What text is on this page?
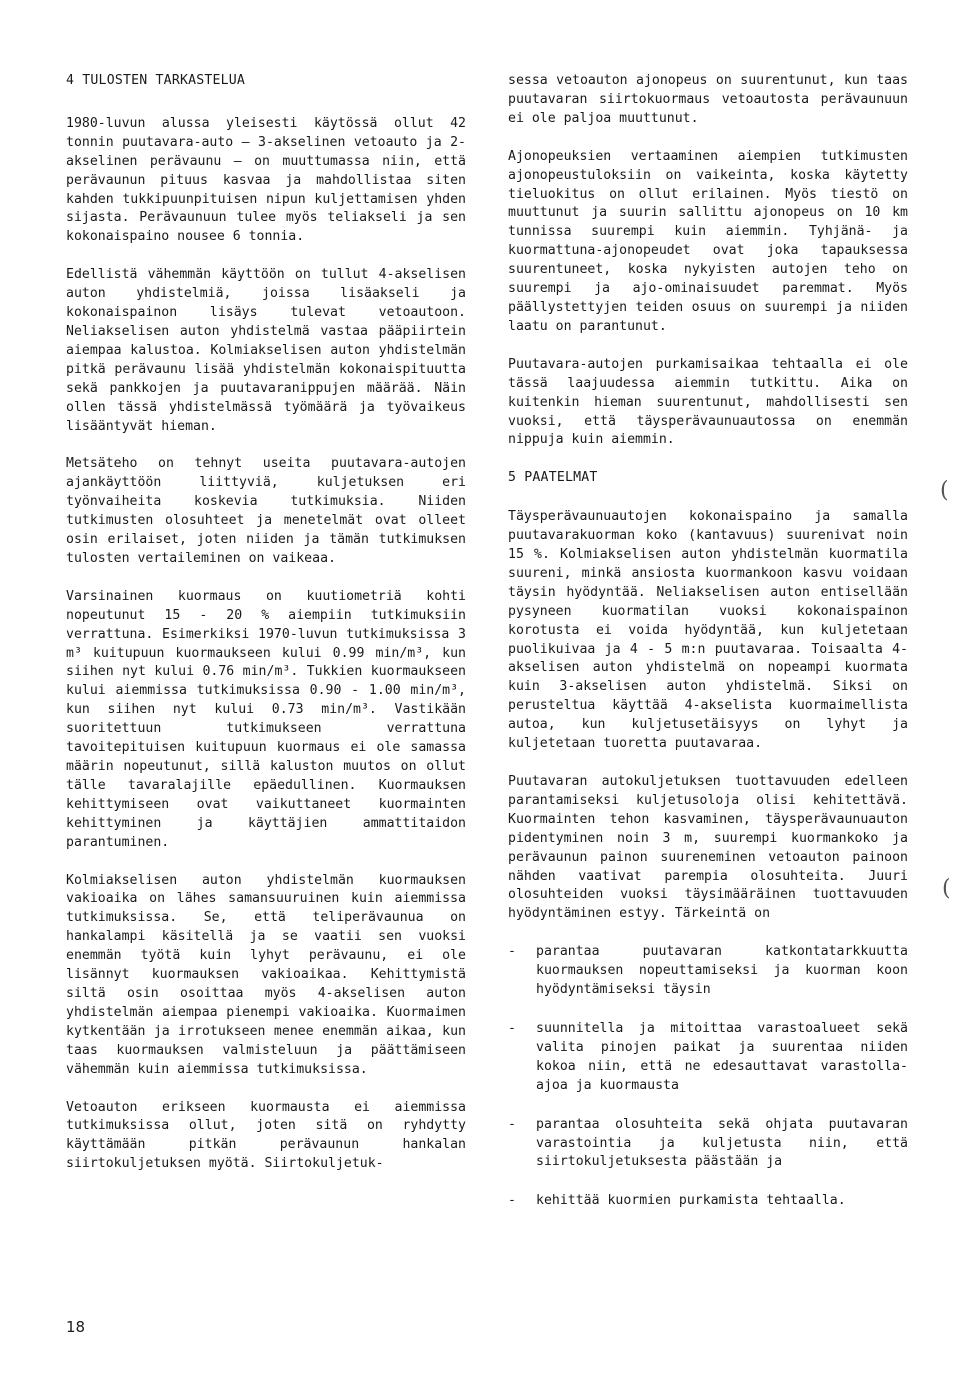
4 TULOSTEN TARKASTELUA

1980-luvun alussa yleisesti käytössä ollut 42 tonnin puutavara-auto — 3-akselinen vetoauto ja 2-akselinen perävaunu — on muuttumassa niin, että perävaunun pituus kasvaa ja mahdollistaa siten kahden tukkipuunpituisen nipun kuljettamisen yhden sijasta. Perävaunuun tulee myös teliakseli ja sen kokonaispaino nousee 6 tonnia.

Edellistä vähemmän käyttöön on tullut 4-akselisen auton yhdistelmiä, joissa lisäakseli ja kokonaispainon lisäys tulevat vetoautoon. Neliakselisen auton yhdistelmä vastaa pääpiirtein aiempaa kalustoa. Kolmiakselisen auton yhdistelmän pitkä perävaunu lisää yhdistelmän kokonaispituutta sekä pankkojen ja puutavaranippujen määrää. Näin ollen tässä yhdistelmässä työmäärä ja työvaikeus lisääntyvät hieman.

Metsäteho on tehnyt useita puutavara-autojen ajankäyttöön liittyviä, kuljetuksen eri työnvaiheita koskevia tutkimuksia. Niiden tutkimusten olosuhteet ja menetelmät ovat olleet osin erilaiset, joten niiden ja tämän tutkimuksen tulosten vertaileminen on vaikeaa.

Varsinainen kuormaus on kuutiometriä kohti nopeutunut 15 - 20 % aiempiin tutkimuksiin verrattuna. Esimerkiksi 1970-luvun tutkimuksissa 3 m³ kuitupuun kuormaukseen kului 0.99 min/m³, kun siihen nyt kului 0.76 min/m³. Tukkien kuormaukseen kului aiemmissa tutkimuksissa 0.90 - 1.00 min/m³, kun siihen nyt kului 0.73 min/m³. Vastikään suoritettuun tutkimukseen verrattuna tavoitepituisen kuitupuun kuormaus ei ole samassa määrin nopeutunut, sillä kaluston muutos on ollut tälle tavaralajille epäedullinen. Kuormauksen kehittymiseen ovat vaikuttaneet kuormainten kehittyminen ja käyttäjien ammattitaidon parantuminen.

Kolmiakselisen auton yhdistelmän kuormauksen vakioaika on lähes samansuuruinen kuin aiemmissa tutkimuksissa. Se, että teliperävaunua on hankalampi käsitellä ja se vaatii sen vuoksi enemmän työtä kuin lyhyt perävaunu, ei ole lisännyt kuormauksen vakioaikaa. Kehittymistä siltä osin osoittaa myös 4-akselisen auton yhdistelmän aiempaa pienempi vakioaika. Kuormaimen kytkentään ja irrotukseen menee enemmän aikaa, kun taas kuormauksen valmisteluun ja päättämiseen vähemmän kuin aiemmissa tutkimuksissa.

Vetoauton erikseen kuormausta ei aiemmissa tutkimuksissa ollut, joten sitä on ryhdytty käyttämään pitkän perävaunun hankalan siirtokuljetuksen myötä. Siirtokuljetuk-

sessa vetoauton ajonopeus on suurentunut, kun taas puutavaran siirtokuormaus vetoautosta perävaunuun ei ole paljoa muuttunut.

Ajonopeuksien vertaaminen aiempien tutkimusten ajonopeustuloksiin on vaikeinta, koska käytetty tieluokitus on ollut erilainen. Myös tiestö on muuttunut ja suurin sallittu ajonopeus on 10 km tunnissa suurempi kuin aiemmin. Tyhjänä- ja kuormattuna-ajonopeudet ovat joka tapauksessa suurentuneet, koska nykyisten autojen teho on suurempi ja ajo-ominaisuudet paremmat. Myös päällystettyjen teiden osuus on suurempi ja niiden laatu on parantunut.

Puutavara-autojen purkamisaikaa tehtaalla ei ole tässä laajuudessa aiemmin tutkittu. Aika on kuitenkin hieman suurentunut, mahdollisesti sen vuoksi, että täysperävaunuautossa on enemmän nippuja kuin aiemmin.

5 PAATELMAT

Täysperävaunuautojen kokonaispaino ja samalla puutavarakuorman koko (kantavuus) suurenivat noin 15 %. Kolmiakselisen auton yhdistelmän kuormatila suureni, minkä ansiosta kuormankoon kasvu voidaan täysin hyödyntää. Neliakselisen auton entisellään pysyneen kuormatilan vuoksi kokonaispainon korotusta ei voida hyödyntää, kun kuljetetaan puolikuivaa ja 4 - 5 m:n puutavaraa. Toisaalta 4-akselisen auton yhdistelmä on nopeampi kuormata kuin 3-akselisen auton yhdistelmä. Siksi on perusteltua käyttää 4-akselista kuormaimellista autoa, kun kuljetusetäisyys on lyhyt ja kuljetetaan tuoretta puutavaraa.

Puutavaran autokuljetuksen tuottavuuden edelleen parantamiseksi kuljetusoloja olisi kehitettävä. Kuormainten tehon kasvaminen, täysperävaunuauton pidentyminen noin 3 m, suurempi kuormankoko ja perävaunun painon suureneminen vetoauton painoon nähden vaativat parempia olosuhteita. Juuri olosuhteiden vuoksi täysimääräinen tuottavuuden hyödyntäminen estyy. Tärkeintä on

- parantaa puutavaran katkontatarkkuutta kuormauksen nopeuttamiseksi ja kuorman koon hyödyntämiseksi täysin
- suunnitella ja mitoittaa varastoalueet sekä valita pinojen paikat ja suurentaa niiden kokoa niin, että ne edesauttavat varastolla-ajoa ja kuormausta
- parantaa olosuhteita sekä ohjata puutavaran varastointia ja kuljetusta niin, että siirtokuljetuksesta päästään ja
- kehittää kuormien purkamista tehtaalla.
18
(
(
